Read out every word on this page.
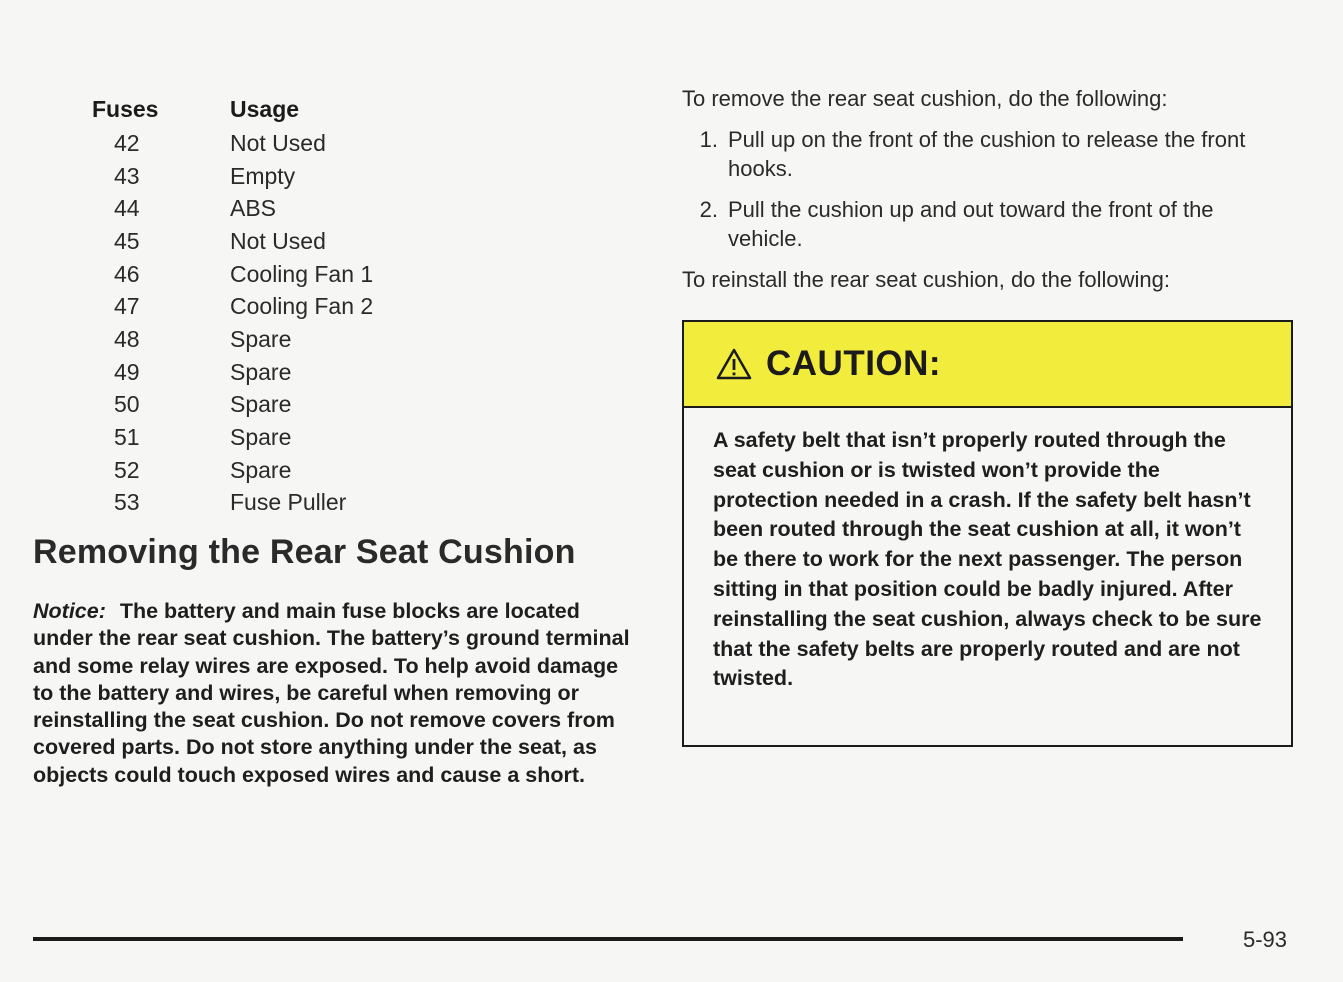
Fuses	Usage
42	Not Used
43	Empty
44	ABS
45	Not Used
46	Cooling Fan 1
47	Cooling Fan 2
48	Spare
49	Spare
50	Spare
51	Spare
52	Spare
53	Fuse Puller
Removing the Rear Seat Cushion

Notice: The battery and main fuse blocks are located under the rear seat cushion. The battery’s ground terminal and some relay wires are exposed. To help avoid damage to the battery and wires, be careful when removing or reinstalling the seat cushion. Do not remove covers from covered parts. Do not store anything under the seat, as objects could touch exposed wires and cause a short.

To remove the rear seat cushion, do the following:

1. Pull up on the front of the cushion to release the front hooks.
2. Pull the cushion up and out toward the front of the vehicle.

To reinstall the rear seat cushion, do the following:

CAUTION:

A safety belt that isn’t properly routed through the seat cushion or is twisted won’t provide the protection needed in a crash. If the safety belt hasn’t been routed through the seat cushion at all, it won’t be there to work for the next passenger. The person sitting in that position could be badly injured. After reinstalling the seat cushion, always check to be sure that the safety belts are properly routed and are not twisted.

5-93
